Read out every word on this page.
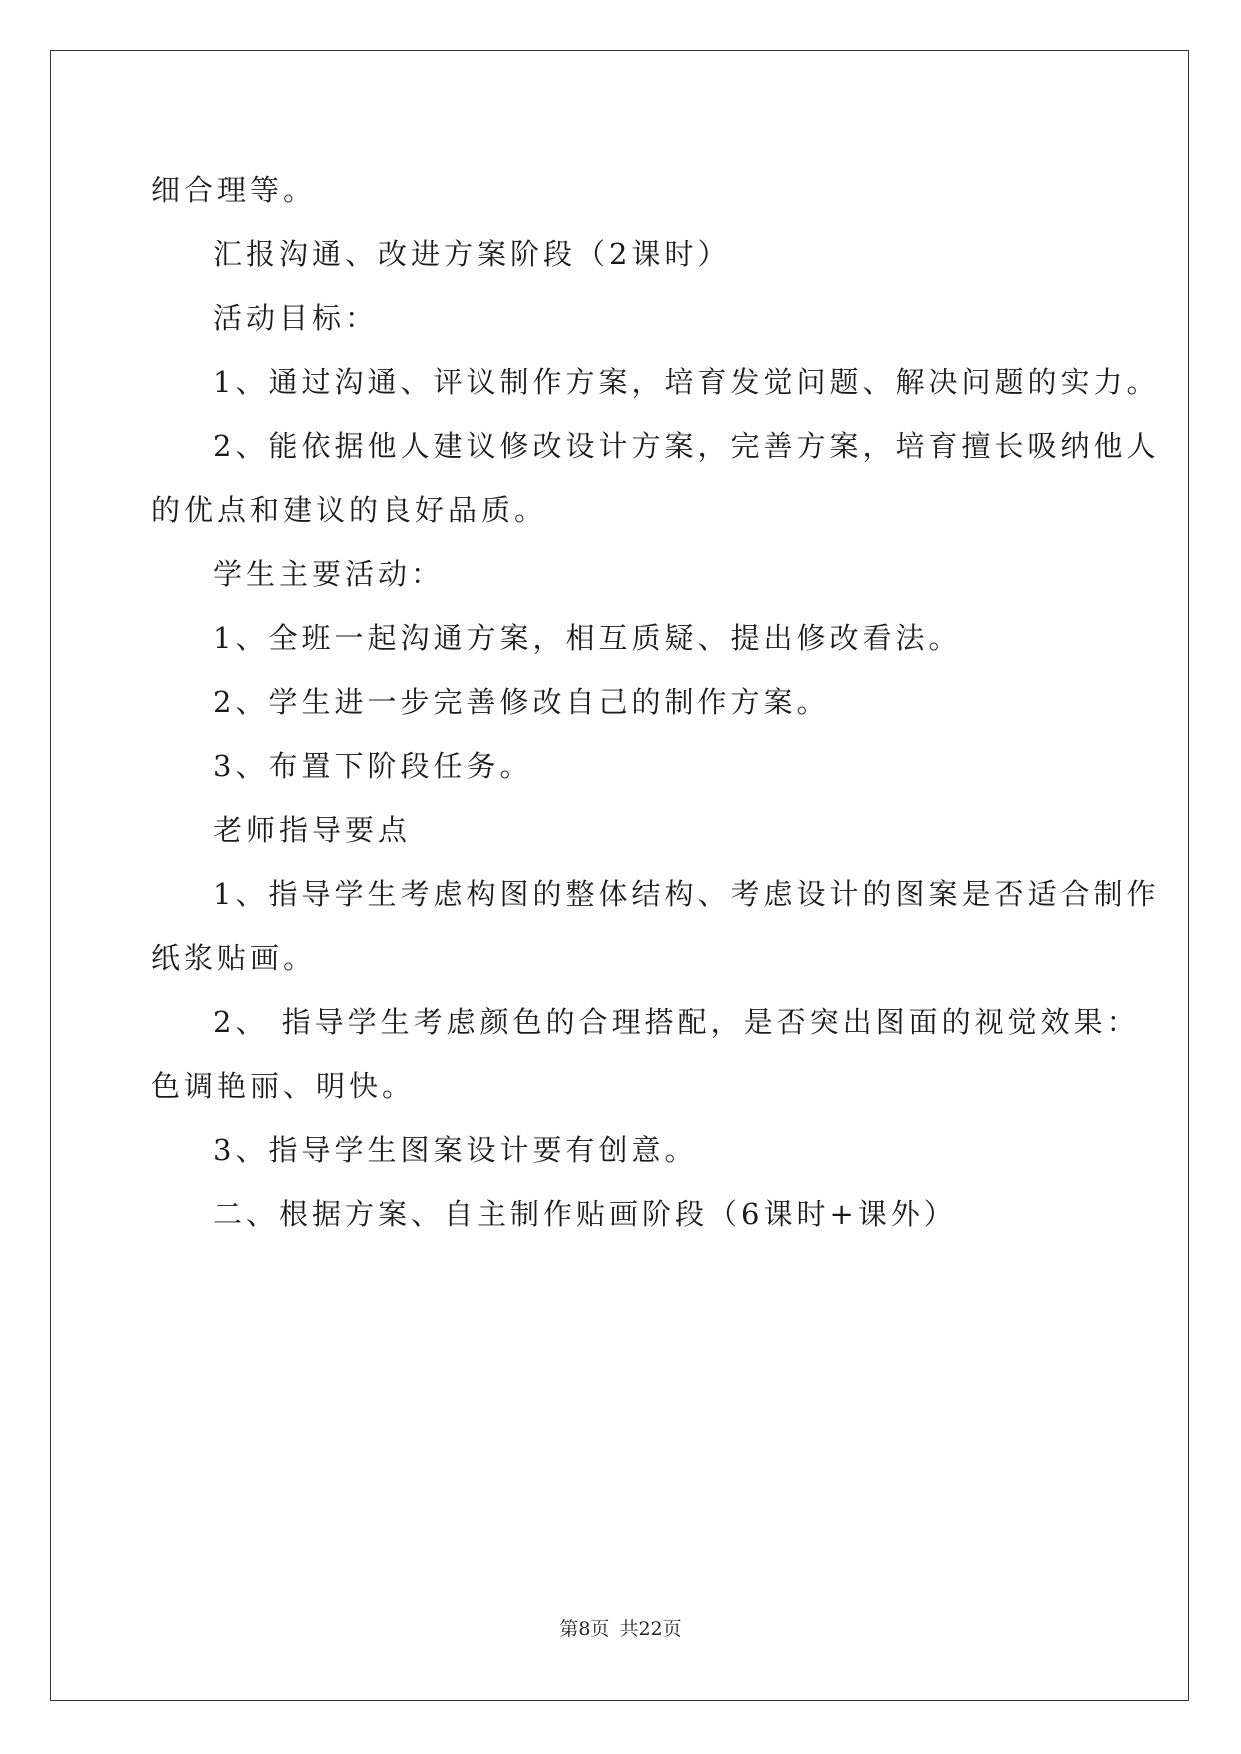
细合理等。
汇报沟通、改进方案阶段（2课时）
活动目标：
1、通过沟通、评议制作方案，培育发觉问题、解决问题的实力。
2、能依据他人建议修改设计方案，完善方案，培育擅长吸纳他人
的优点和建议的良好品质。
学生主要活动：
1、全班一起沟通方案，相互质疑、提出修改看法。
2、学生进一步完善修改自己的制作方案。
3、布置下阶段任务。
老师指导要点
1、指导学生考虑构图的整体结构、考虑设计的图案是否适合制作
纸浆贴画。
2、 指导学生考虑颜色的合理搭配，是否突出图面的视觉效果：
色调艳丽、明快。
3、指导学生图案设计要有创意。
二、根据方案、自主制作贴画阶段（6课时+课外）
第8页 共22页
